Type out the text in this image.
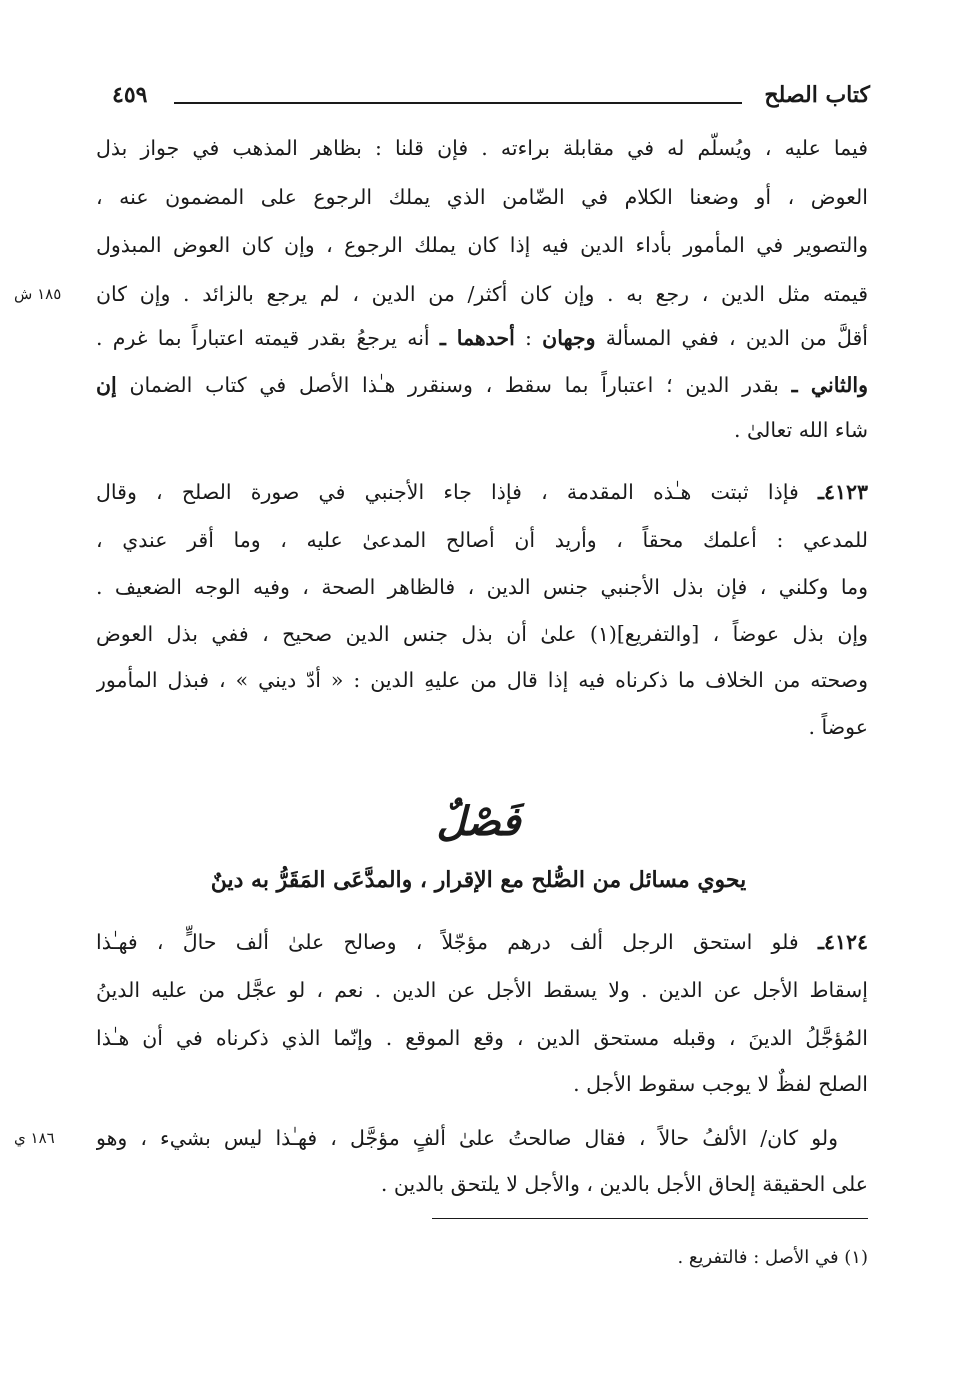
كتاب الصلح
٤٥٩
فيما عليه ، ويُسلّم له في مقابلة براءته . فإن قلنا : بظاهر المذهب في جواز بذل
العوض ، أو وضعنا الكلام في الضّامن الذي يملك الرجوع على المضمون عنه ،
والتصوير في المأمور بأداء الدين فيه إذا كان يملك الرجوع ، وإن كان العوض المبذول
قيمته مثل الدين ، رجع به . وإن كان أكثر/ من الدين ، لم يرجع بالزائد . وإن كان
١٨٥ ش
أقلَّ من الدين ، ففي المسألة وجهان : أحدهما ـ أنه يرجعُ بقدر قيمته اعتباراً بما غرم .
والثاني ـ بقدر الدين ؛ اعتباراً بما سقط ، وسنقرر هـٰذا الأصل في كتاب الضمان إن
شاء الله تعالىٰ .
٤١٢٣ـ فإذا ثبتت هـٰذه المقدمة ، فإذا جاء الأجنبي في صورة الصلح ، وقال
للمدعي : أعلمك محقاً ، وأريد أن أصالح المدعىٰ عليه ، وما أقر عندي ،
وما وكلني ، فإن بذل الأجنبي جنس الدين ، فالظاهر الصحة ، وفيه الوجه الضعيف .
وإن بذل عوضاً ، [والتفريع](١) علىٰ أن بذل جنس الدين صحيح ، ففي بذل العوض
وصحته من الخلاف ما ذكرناه فيه إذا قال من عليهِ الدين : « أدّ ديني » ، فبذل المأمور
عوضاً .
فَصْلٌ
يحوي مسائل من الصُّلح مع الإقرار ، والمدَّعَى المَقَرُّ به دينٌ
٤١٢٤ـ فلو استحق الرجل ألف درهم مؤجّلاً ، وصالح علىٰ ألف حالٍّ ، فهـٰذا
إسقاط الأجل عن الدين . ولا يسقط الأجل عن الدين . نعم ، لو عجَّل من عليه الدينُ
المُؤجَّلُ الدينَ ، وقبله مستحق الدين ، وقع الموقع . وإنّما الذي ذكرناه في أن هـٰذا
الصلح لفظٌ لا يوجب سقوط الأجل .
ولو كان/ الألفُ حالاً ، فقال صالحتُ علىٰ ألفٍ مؤجَّل ، فهـٰذا ليس بشيء ، وهو
١٨٦ ي
على الحقيقة إلحاق الأجل بالدين ، والأجل لا يلتحق بالدين .
(١) في الأصل : فالتفريع .
